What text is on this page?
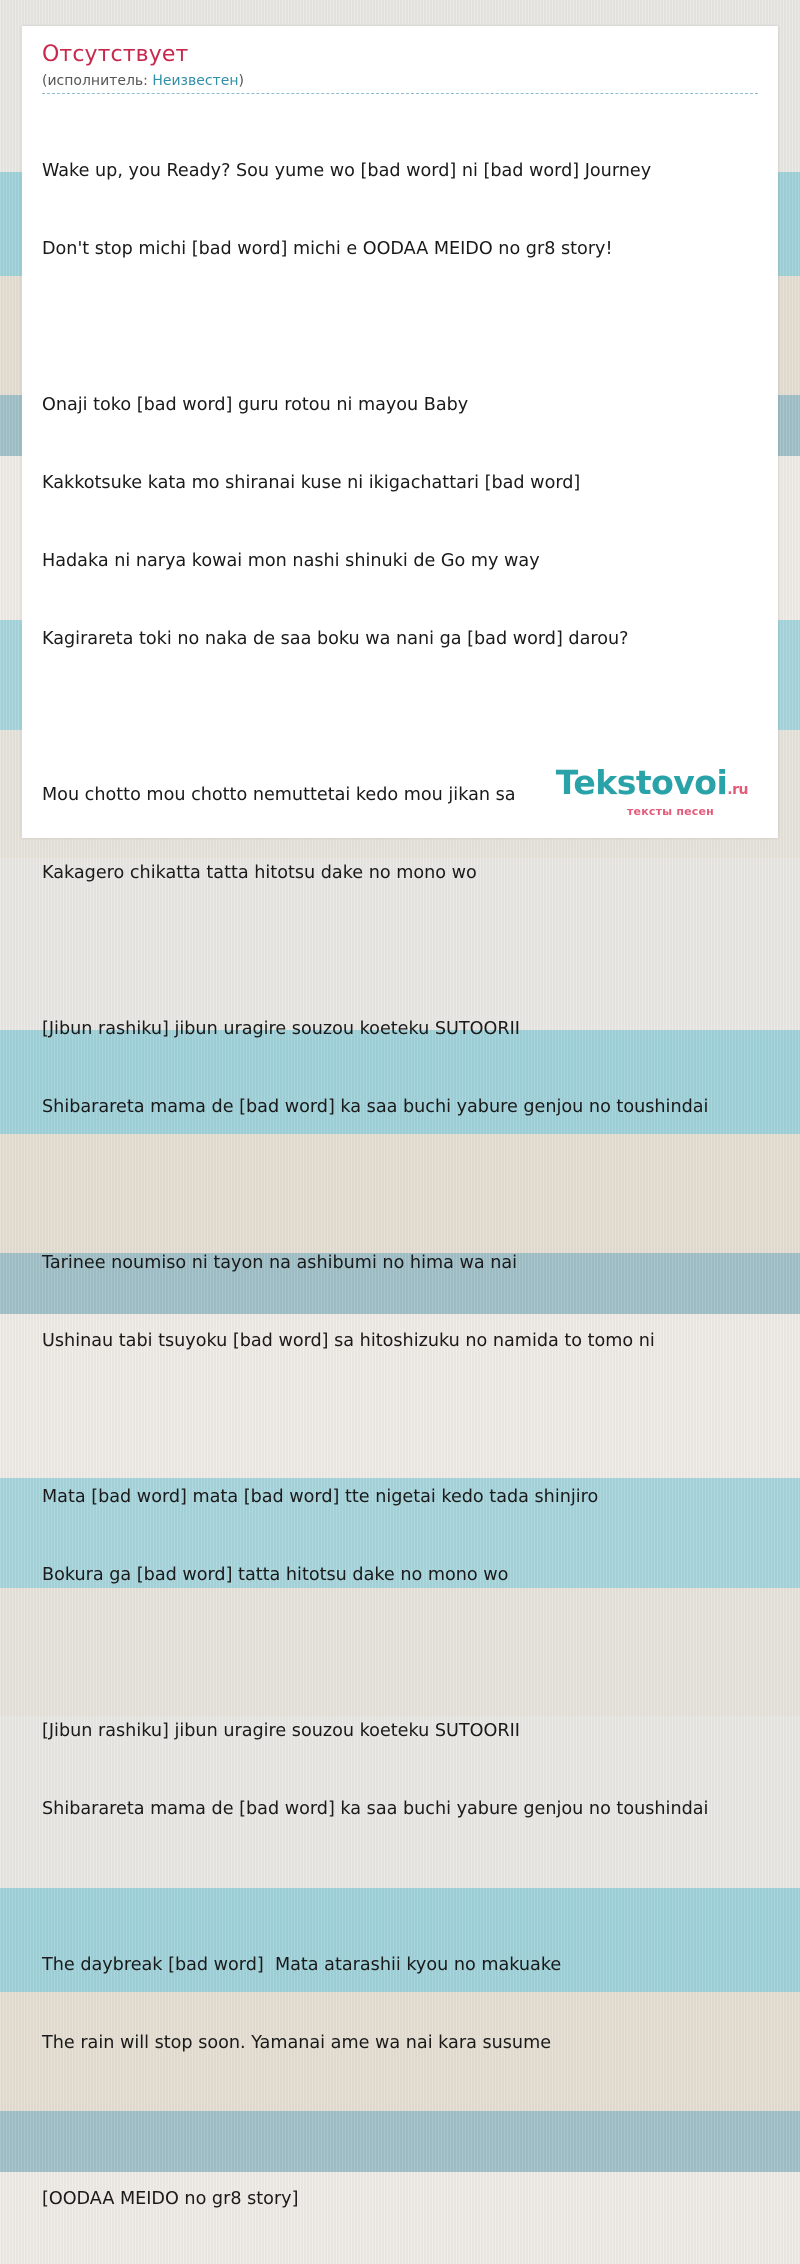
Отсутствует
(исполнитель: Неизвестен)

Wake up, you Ready? Sou yume wo [bad word] ni [bad word] Journey

Don't stop michi [bad word] michi e OODAA MEIDO no gr8 story!

Onaji toko [bad word] guru rotou ni mayou Baby

Kakkotsuke kata mo shiranai kuse ni ikigachattari [bad word]

Hadaka ni narya kowai mon nashi shinuki de Go my way

Kagirareta toki no naka de saa boku wa nani ga [bad word] darou?

Mou chotto mou chotto nemuttetai kedo mou jikan sa

Kakagero chikatta tatta hitotsu dake no mono wo

[Jibun rashiku] jibun uragire souzou koeteku SUTOORII

Shibarareta mama de [bad word] ka saa buchi yabure genjou no toushindai

Tarinee noumiso ni tayon na ashibumi no hima wa nai

Ushinau tabi tsuyoku [bad word] sa hitoshizuku no namida to tomo ni

Mata [bad word] mata [bad word] tte nigetai kedo tada shinjiro

Bokura ga [bad word] tatta hitotsu dake no mono wo

[Jibun rashiku] jibun uragire souzou koeteku SUTOORII

Shibarareta mama de [bad word] ka saa buchi yabure genjou no toushindai

The daybreak [bad word]  Mata atarashii kyou no makuake

The rain will stop soon. Yamanai ame wa nai kara susume

[OODAA MEIDO no gr8 story]

Tekstovoi.ru
тексты песен
